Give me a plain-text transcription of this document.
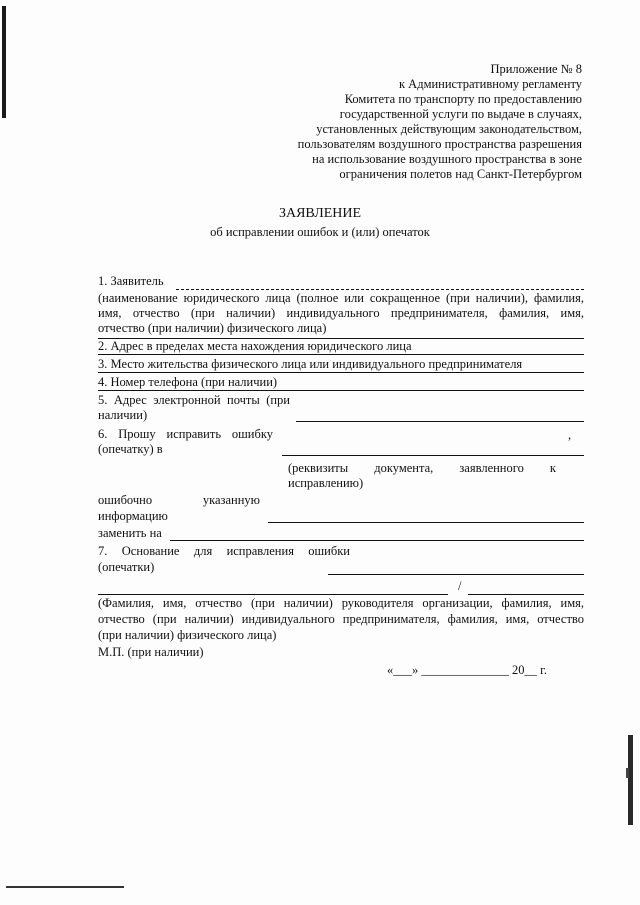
Приложение № 8
к Административному регламенту
Комитета по транспорту по предоставлению
государственной услуги по выдаче в случаях,
установленных действующим законодательством,
пользователям воздушного пространства разрешения
на использование воздушного пространства в зоне
ограничения полетов над Санкт-Петербургом
ЗАЯВЛЕНИЕ
об исправлении ошибок и (или) опечаток
1. Заявитель
(наименование юридического лица (полное или сокращенное (при наличии), фамилия,
имя, отчество (при наличии) индивидуального предпринимателя, фамилия, имя,
отчество (при наличии) физического лица)
2. Адрес в пределах места нахождения юридического лица
3. Место жительства физического лица или индивидуального предпринимателя
4. Номер телефона (при наличии)
5. Адрес электронной почты (при
наличии)
6. Прошу исправить ошибку
(опечатку) в
,
(реквизиты документа, заявленного к
исправлению)
ошибочно указанную
информацию
заменить на
7. Основание для исправления ошибки
(опечатки)
/
(Фамилия, имя, отчество (при наличии) руководителя организации, фамилия, имя,
отчество (при наличии) индивидуального предпринимателя, фамилия, имя, отчество
(при наличии) физического лица)
М.П. (при наличии)
«___» ______________ 20__ г.
